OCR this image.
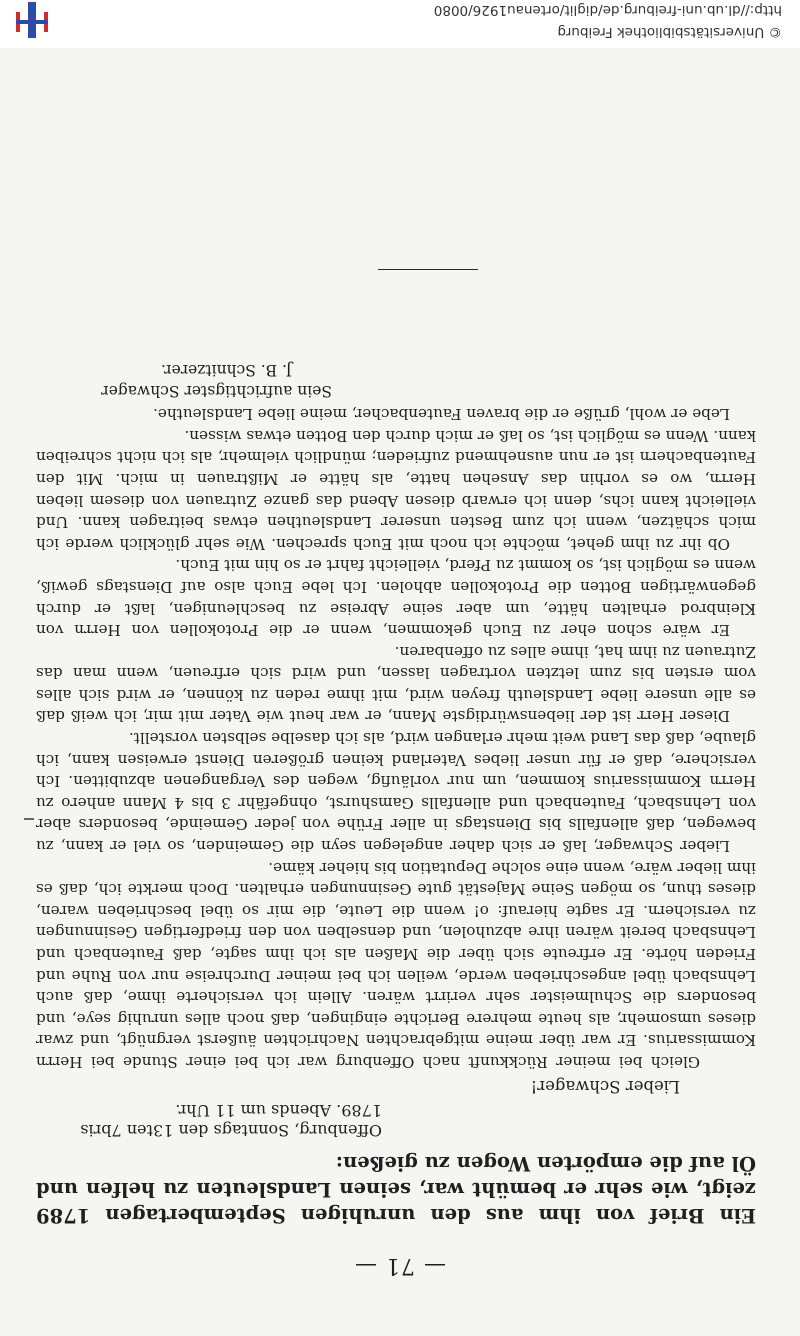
— 71 —
Ein Brief von ihm aus den unruhigen Septembertagen 1789 zeigt, wie sehr er bemüht war, seinen Landsleuten zu helfen und Öl auf die empörten Wogen zu gießen:
Offenburg, Sonntags den 13ten 7bris 1789. Abends um 11 Uhr.
Lieber Schwager!

Gleich bei meiner Rückkunft nach Offenburg war ich bei einer Stunde bei Herrn Kommissarius. Er war über meine mitgebrachten Nachrichten äußerst vergnügt, und zwar dieses umsomehr, als heute mehrere Berichte eingingen, daß noch alles unruhig seye, und besonders die Schulmeister sehr verirrt wären. Allein ich versicherte ihme, daß auch Lehnsbach übel angeschrieben werde, weilen ich bei meiner Durchreise nur von Ruhe und Frieden hörte. Er erfreute sich über die Maßen als ich ihm sagte, daß Fautenbach und Lehnsbach bereit wären ihre abzuholen, und denselben von den friedfertigen Gesinnungen zu versichern. Er sagte hierauf: o! wenn die Leute, die mir so übel beschrieben waren, dieses thun, so mögen Seine Majestät gute Gesinnungen erhalten. Doch merkte ich, daß es ihm lieber wäre, wenn eine solche Deputation bis hieher käme.

Lieber Schwager, laß er sich daher angelegen seyn die Gemeinden, so viel er kann, zu bewegen, daß allenfalls bis Dienstags in aller Frühe von jeder Gemeinde, besonders aber von Lehnsbach, Fautenbach und allenfalls Gamshurst, ohngefähr 3 bis 4 Mann anhero zu Herrn Kommissarius kommen, um nur vorläufig, wegen des Vergangenen abzubitten. Ich versichere, daß er für unser liebes Vaterland keinen größeren Dienst erweisen kann, ich glaube, daß das Land weit mehr erlangen wird, als ich daselbe selbsten vorstellt.

Dieser Herr ist der liebenswürdigste Mann, er war heut wie Vater mit mir, ich weiß daß es alle unsere liebe Landsleuth freyen wird, mit ihme reden zu können, er wird sich alles vom ersten bis zum letzten vortragen lassen, und wird sich erfreuen, wenn man das Zutrauen zu ihm hat, ihme alles zu offenbaren.

Er wäre schon eher zu Euch gekommen, wenn er die Protokollen von Herrn von Kleinbrod erhalten hätte, um aber seine Abreise zu beschleunigen, laßt er durch gegenwärtigen Botten die Protokollen abholen. Ich lebe Euch also auf Dienstags gewiß, wenn es möglich ist, so kommt zu Pferd, vielleicht fahrt er so hin mit Euch.

Ob ihr zu ihm gehet, möchte ich noch mit Euch sprechen. Wie sehr glücklich werde ich mich schätzen, wenn ich zum Besten unserer Landsleuthen etwas beitragen kann. Und vielleicht kann ichs, denn ich erwarb diesen Abend das ganze Zutrauen von diesem lieben Herrn, wo es vorhin das Ansehen hatte, als hätte er Mißtrauen in mich. Mit den Fautenbachern ist er nun ausnehmend zufrieden; mündlich vielmehr, als ich nicht schreiben kann. Wenn es möglich ist, so laß er mich durch den Botten etwas wissen.

Lebe er wohl, grüße er die braven Fautenbacher, meine liebe Landsleuthe.

Sein aufrichtigster Schwager
J. B. Schnitzerer.
© Universitätsbibliothek Freiburg
http://dl.ub.uni-freiburg.de/diglit/ortenau1926/0080
